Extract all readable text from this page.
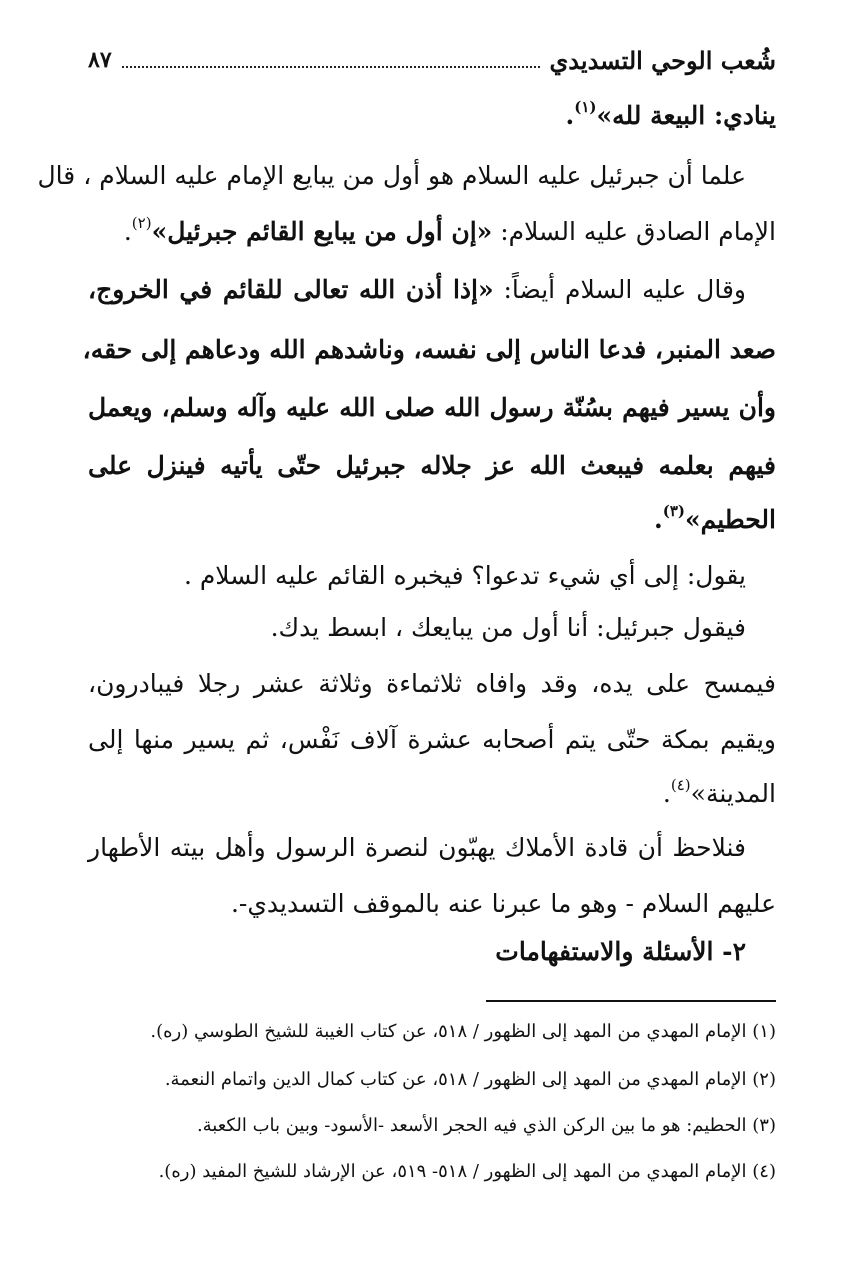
شُعب الوحي التسديدي
٨٧
ينادي: البيعة لله»$^{(١)}$.
علما أن جبرئيل عليه السلام هو أول من يبايع الإمام عليه السلام ، قال
الإمام الصادق عليه السلام: «إن أول من يبايع القائم جبرئيل»$^{(٢)}$.
وقال عليه السلام أيضاً: «إذا أذن الله تعالى للقائم في الخروج،
صعد المنبر، فدعا الناس إلى نفسه، وناشدهم الله ودعاهم إلى حقه،
وأن يسير فيهم بسُنّة رسول الله صلى الله عليه وآله وسلم، ويعمل
فيهم بعلمه فيبعث الله عز جلاله جبرئيل حتّى يأتيه فينزل على
الحطيم»$^{(٣)}$.
يقول: إلى أي شيء تدعوا؟ فيخبره القائم عليه السلام .
فيقول جبرئيل: أنا أول من يبايعك ، ابسط يدك.
فيمسح على يده، وقد وافاه ثلاثماءة وثلاثة عشر رجلا فيبادرون،
ويقيم بمكة حتّى يتم أصحابه عشرة آلاف نَفْس، ثم يسير منها إلى
المدينة»$^{(٤)}$.
فنلاحظ أن قادة الأملاك يهبّون لنصرة الرسول وأهل بيته الأطهار
عليهم السلام - وهو ما عبرنا عنه بالموقف التسديدي-.
٢- الأسئلة والاستفهامات
(١) الإمام المهدي من المهد إلى الظهور / ٥١٨، عن كتاب الغيبة للشيخ الطوسي (ره).
(٢) الإمام المهدي من المهد إلى الظهور / ٥١٨، عن كتاب كمال الدين واتمام النعمة.
(٣) الحطيم: هو ما بين الركن الذي فيه الحجر الأسعد -الأسود- وبين باب الكعبة.
(٤) الإمام المهدي من المهد إلى الظهور / ٥١٨- ٥١٩، عن الإرشاد للشيخ المفيد (ره).
